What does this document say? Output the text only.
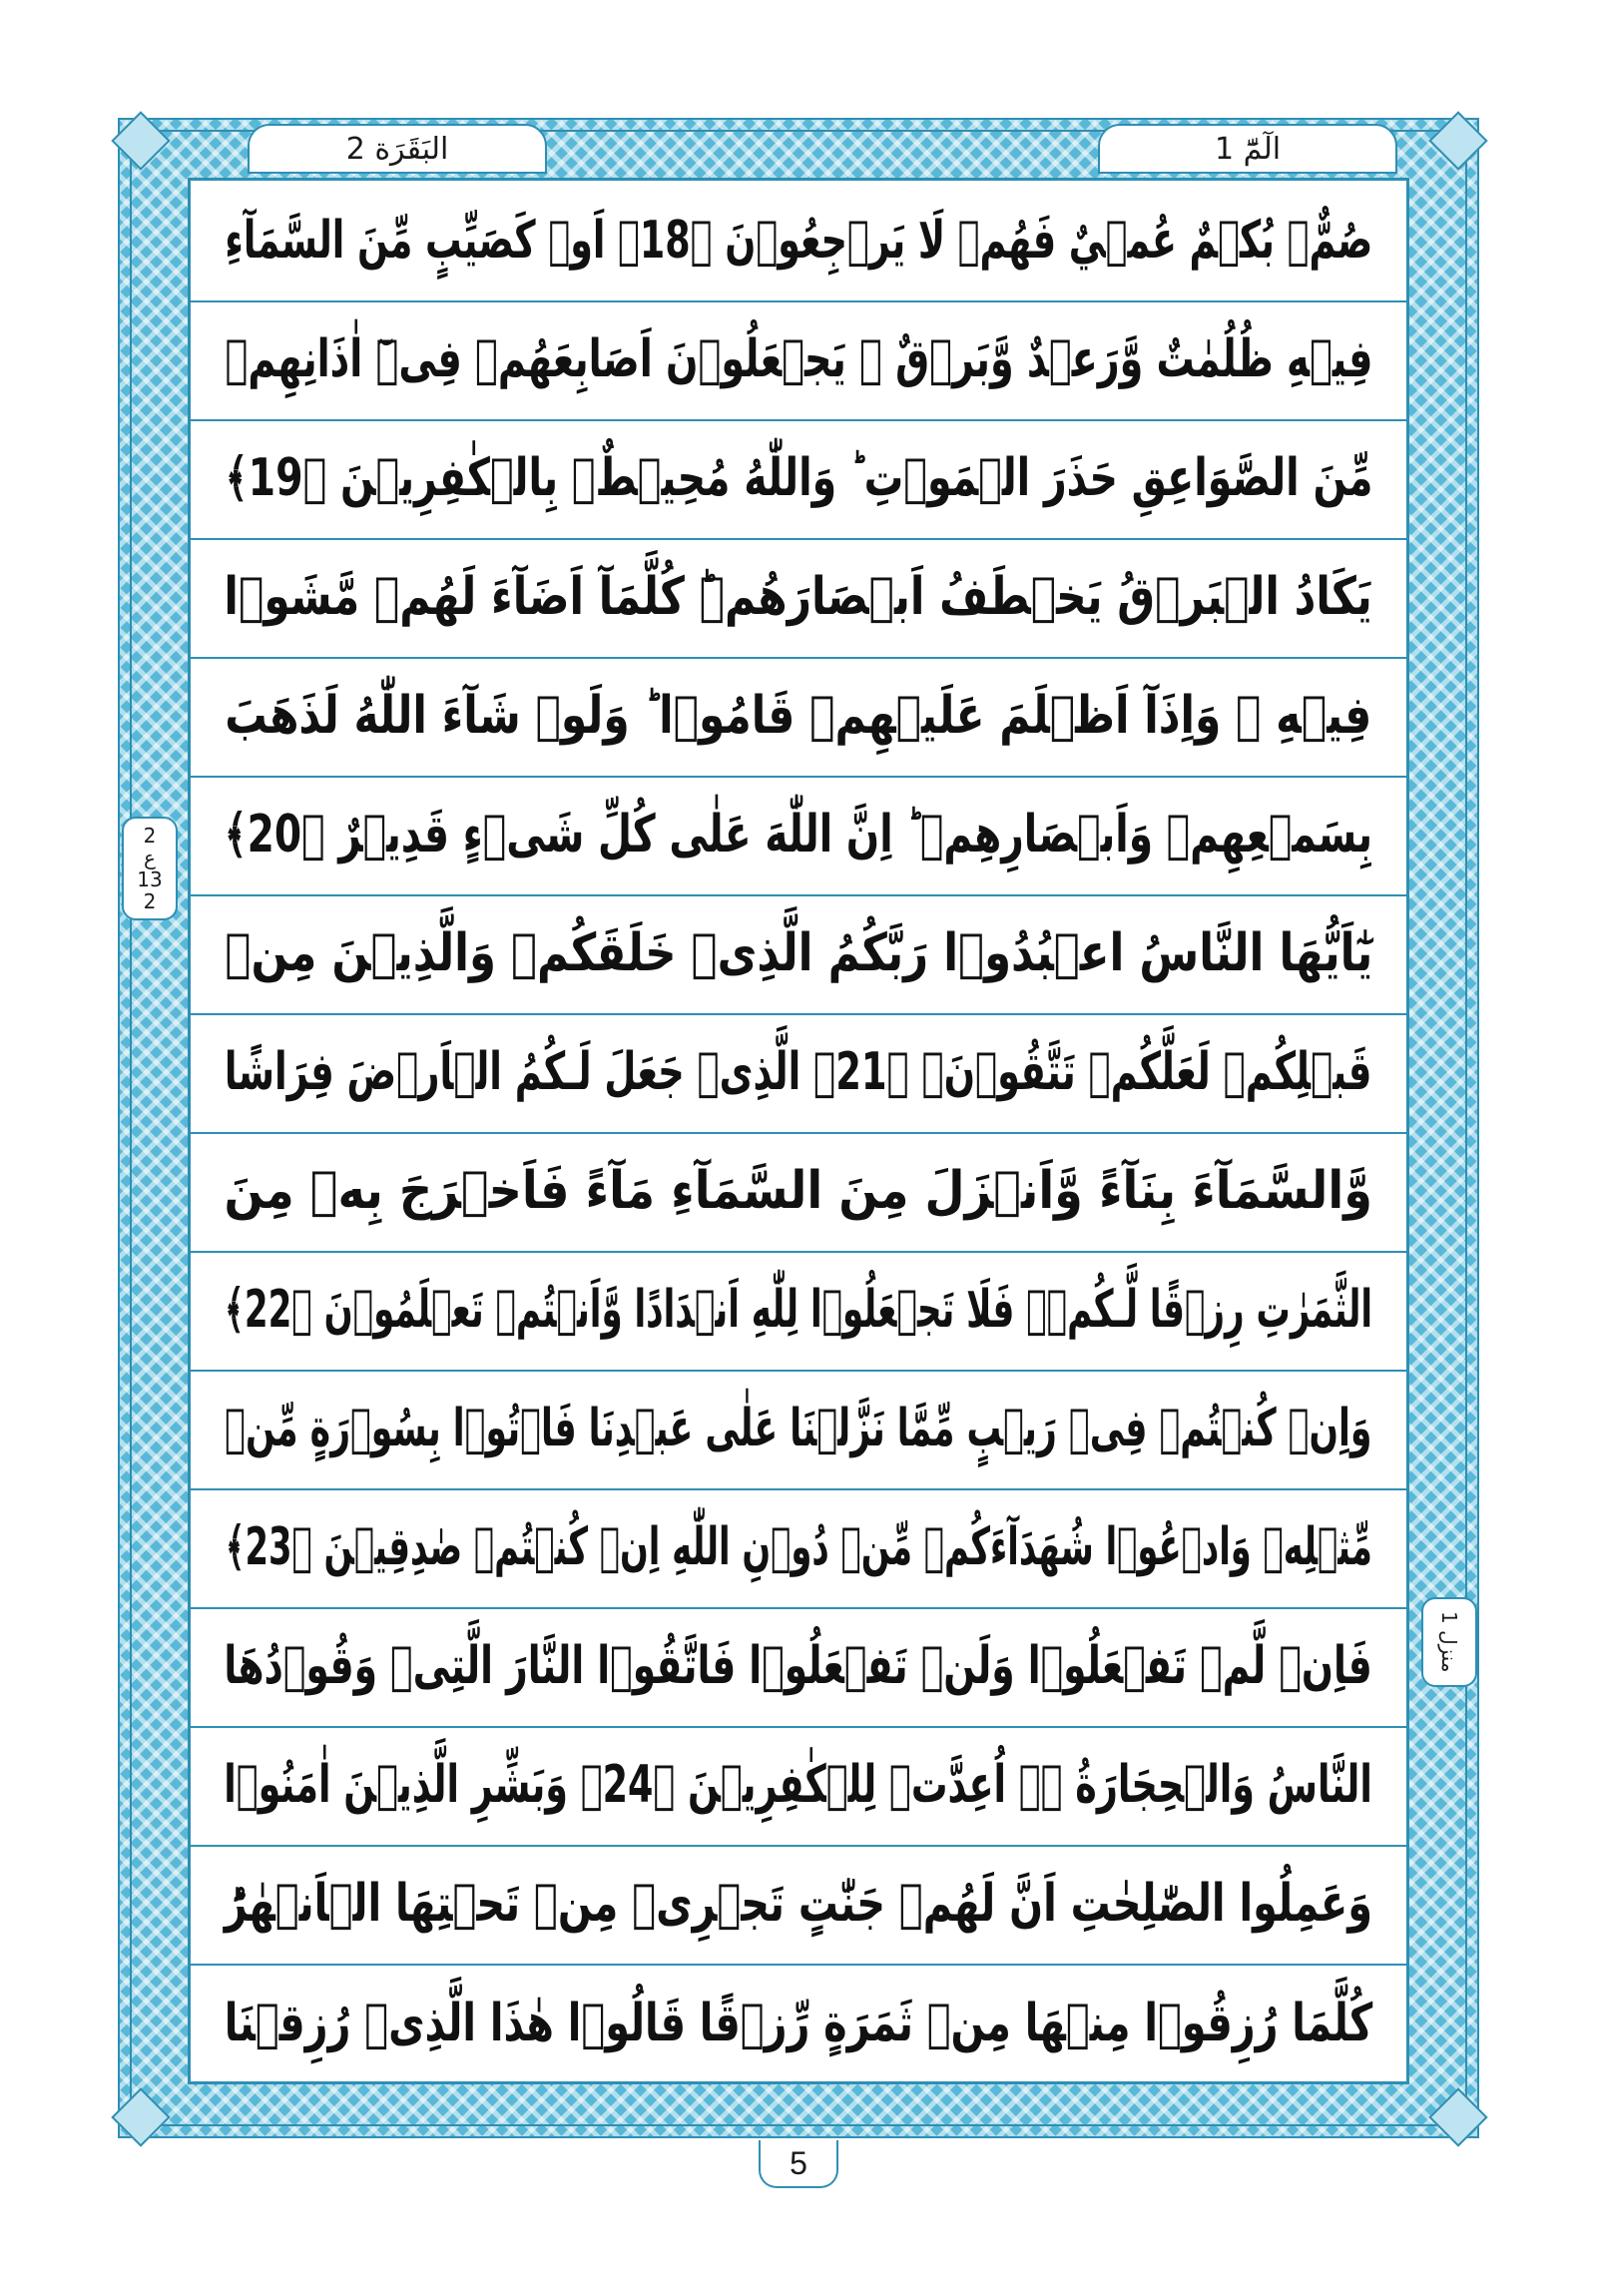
الٓمّٓ 1
البَقَرَة 2
صُمٌّۢ بُكۡمٌ عُمۡيٌ فَهُمۡ لَا يَرۡجِعُوۡنَ ﴿18﴾ اَوۡ كَصَيِّبٍ مِّنَ السَّمَآءِ
فِيۡهِ ظُلُمٰتٌ وَّرَعۡدٌ وَّبَرۡقٌ ۚ يَجۡعَلُوۡنَ اَصَابِعَهُمۡ فِىۡٓ اٰذَانِهِمۡ
مِّنَ الصَّوَاعِقِ حَذَرَ الۡمَوۡتِ ؕ وَاللّٰهُ مُحِيۡطٌۢ بِالۡكٰفِرِيۡنَ ﴿19﴾
يَكَادُ الۡبَرۡقُ يَخۡطَفُ اَبۡصَارَهُمۡؕ كُلَّمَآ اَضَآءَ لَهُمۡ مَّشَوۡا
فِيۡهِ ۙ وَاِذَآ اَظۡلَمَ عَلَيۡهِمۡ قَامُوۡا ؕ وَلَوۡ شَآءَ اللّٰهُ لَذَهَبَ
بِسَمۡعِهِمۡ وَاَبۡصَارِهِمۡ ؕ اِنَّ اللّٰهَ عَلٰى كُلِّ شَىۡءٍ قَدِيۡرٌ ﴿20﴾
يٰٓاَيُّهَا النَّاسُ اعۡبُدُوۡا رَبَّكُمُ الَّذِىۡ خَلَقَكُمۡ وَالَّذِيۡنَ مِنۡ
قَبۡلِكُمۡ لَعَلَّكُمۡ تَتَّقُوۡنَۙ ﴿21﴾ الَّذِىۡ جَعَلَ لَـكُمُ الۡاَرۡضَ فِرَاشًا
وَّالسَّمَآءَ بِنَآءً وَّاَنۡزَلَ مِنَ السَّمَآءِ مَآءً فَاَخۡرَجَ بِهٖ مِنَ
الثَّمَرٰتِ رِزۡقًا لَّـكُمۡۚ فَلَا تَجۡعَلُوۡا لِلّٰهِ اَنۡدَادًا وَّاَنۡتُمۡ تَعۡلَمُوۡنَ ﴿22﴾
وَاِنۡ كُنۡتُمۡ فِىۡ رَيۡبٍ مِّمَّا نَزَّلۡنَا عَلٰى عَبۡدِنَا فَاۡتُوۡا بِسُوۡرَةٍ مِّنۡ
مِّثۡلِهٖ وَادۡعُوۡا شُهَدَآءَكُمۡ مِّنۡ دُوۡنِ اللّٰهِ اِنۡ كُنۡتُمۡ صٰدِقِيۡنَ ﴿23﴾
فَاِنۡ لَّمۡ تَفۡعَلُوۡا وَلَنۡ تَفۡعَلُوۡا فَاتَّقُوۡا النَّارَ الَّتِىۡ وَقُوۡدُهَا
النَّاسُ وَالۡحِجَارَةُ ۖۚ اُعِدَّتۡ لِلۡكٰفِرِيۡنَ ﴿24﴾ وَبَشِّرِ الَّذِيۡنَ اٰمَنُوۡا
وَعَمِلُوا الصّٰلِحٰتِ اَنَّ لَهُمۡ جَنّٰتٍ تَجۡرِىۡ مِنۡ تَحۡتِهَا الۡاَنۡهٰرُؕ
كُلَّمَا رُزِقُوۡا مِنۡهَا مِنۡ ثَمَرَةٍ رِّزۡقًا قَالُوۡا هٰذَا الَّذِىۡ رُزِقۡنَا
2
ع
13
2
منزل 1
5
